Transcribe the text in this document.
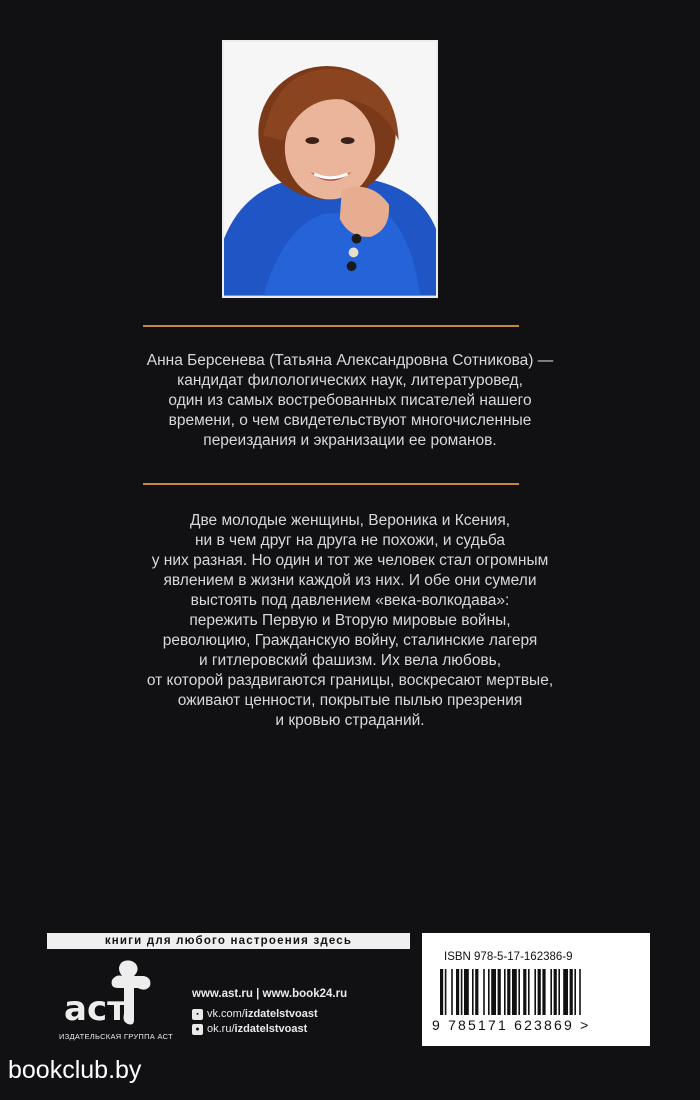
Анна Берсенева (Татьяна Александровна Сотникова) —
кандидат филологических наук, литературовед,
один из самых востребованных писателей нашего
времени, о чем свидетельствуют многочисленные
переиздания и экранизации ее романов.
Две молодые женщины, Вероника и Ксения,
ни в чем друг на друга не похожи, и судьба
у них разная. Но один и тот же человек стал огромным
явлением в жизни каждой из них. И обе они сумели
выстоять под давлением «века-волкодава»:
пережить Первую и Вторую мировые войны,
революцию, Гражданскую войну, сталинские лагеря
и гитлеровский фашизм. Их вела любовь,
от которой раздвигаются границы, воскресают мертвые,
оживают ценности, покрытые пылью презрения
и кровью страданий.
книги для любого настроения здесь
аст
ИЗДАТЕЛЬСКАЯ ГРУППА АСТ
www.ast.ru | www.book24.ru
▪ vk.com/ izdatelstvoast
● ok.ru/ izdatelstvoast
ISBN 978-5-17-162386-9
9 785171 623869 >
bookclub.by
